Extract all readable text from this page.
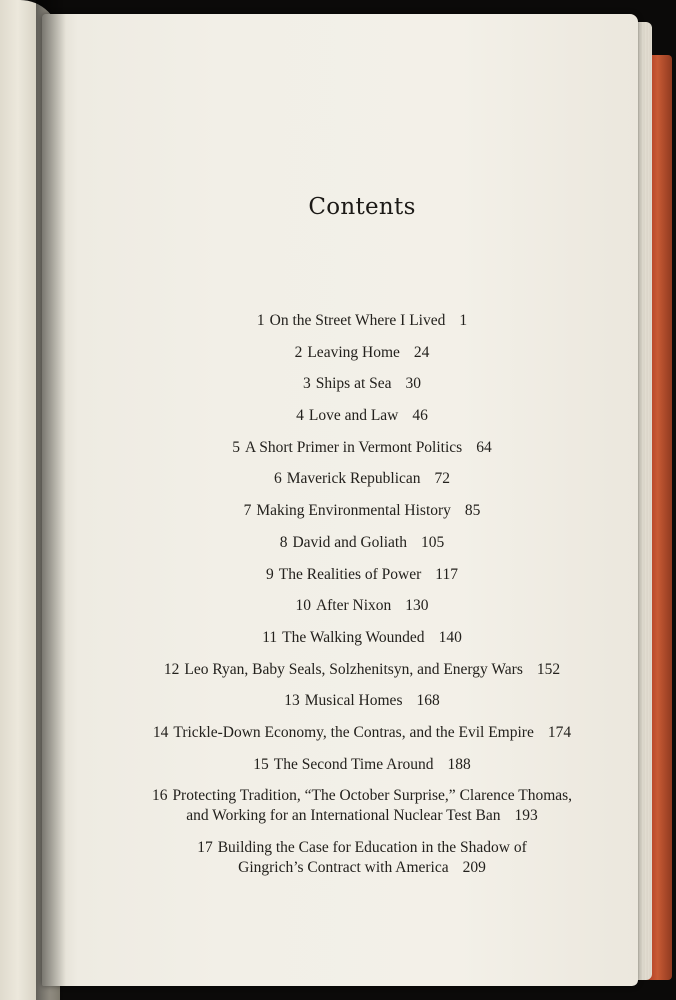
Contents
1 On the Street Where I Lived 1
2 Leaving Home 24
3 Ships at Sea 30
4 Love and Law 46
5 A Short Primer in Vermont Politics 64
6 Maverick Republican 72
7 Making Environmental History 85
8 David and Goliath 105
9 The Realities of Power 117
10 After Nixon 130
11 The Walking Wounded 140
12 Leo Ryan, Baby Seals, Solzhenitsyn, and Energy Wars 152
13 Musical Homes 168
14 Trickle-Down Economy, the Contras, and the Evil Empire 174
15 The Second Time Around 188
16 Protecting Tradition, “The October Surprise,” Clarence Thomas,
and Working for an International Nuclear Test Ban 193
17 Building the Case for Education in the Shadow of
Gingrich’s Contract with America 209
